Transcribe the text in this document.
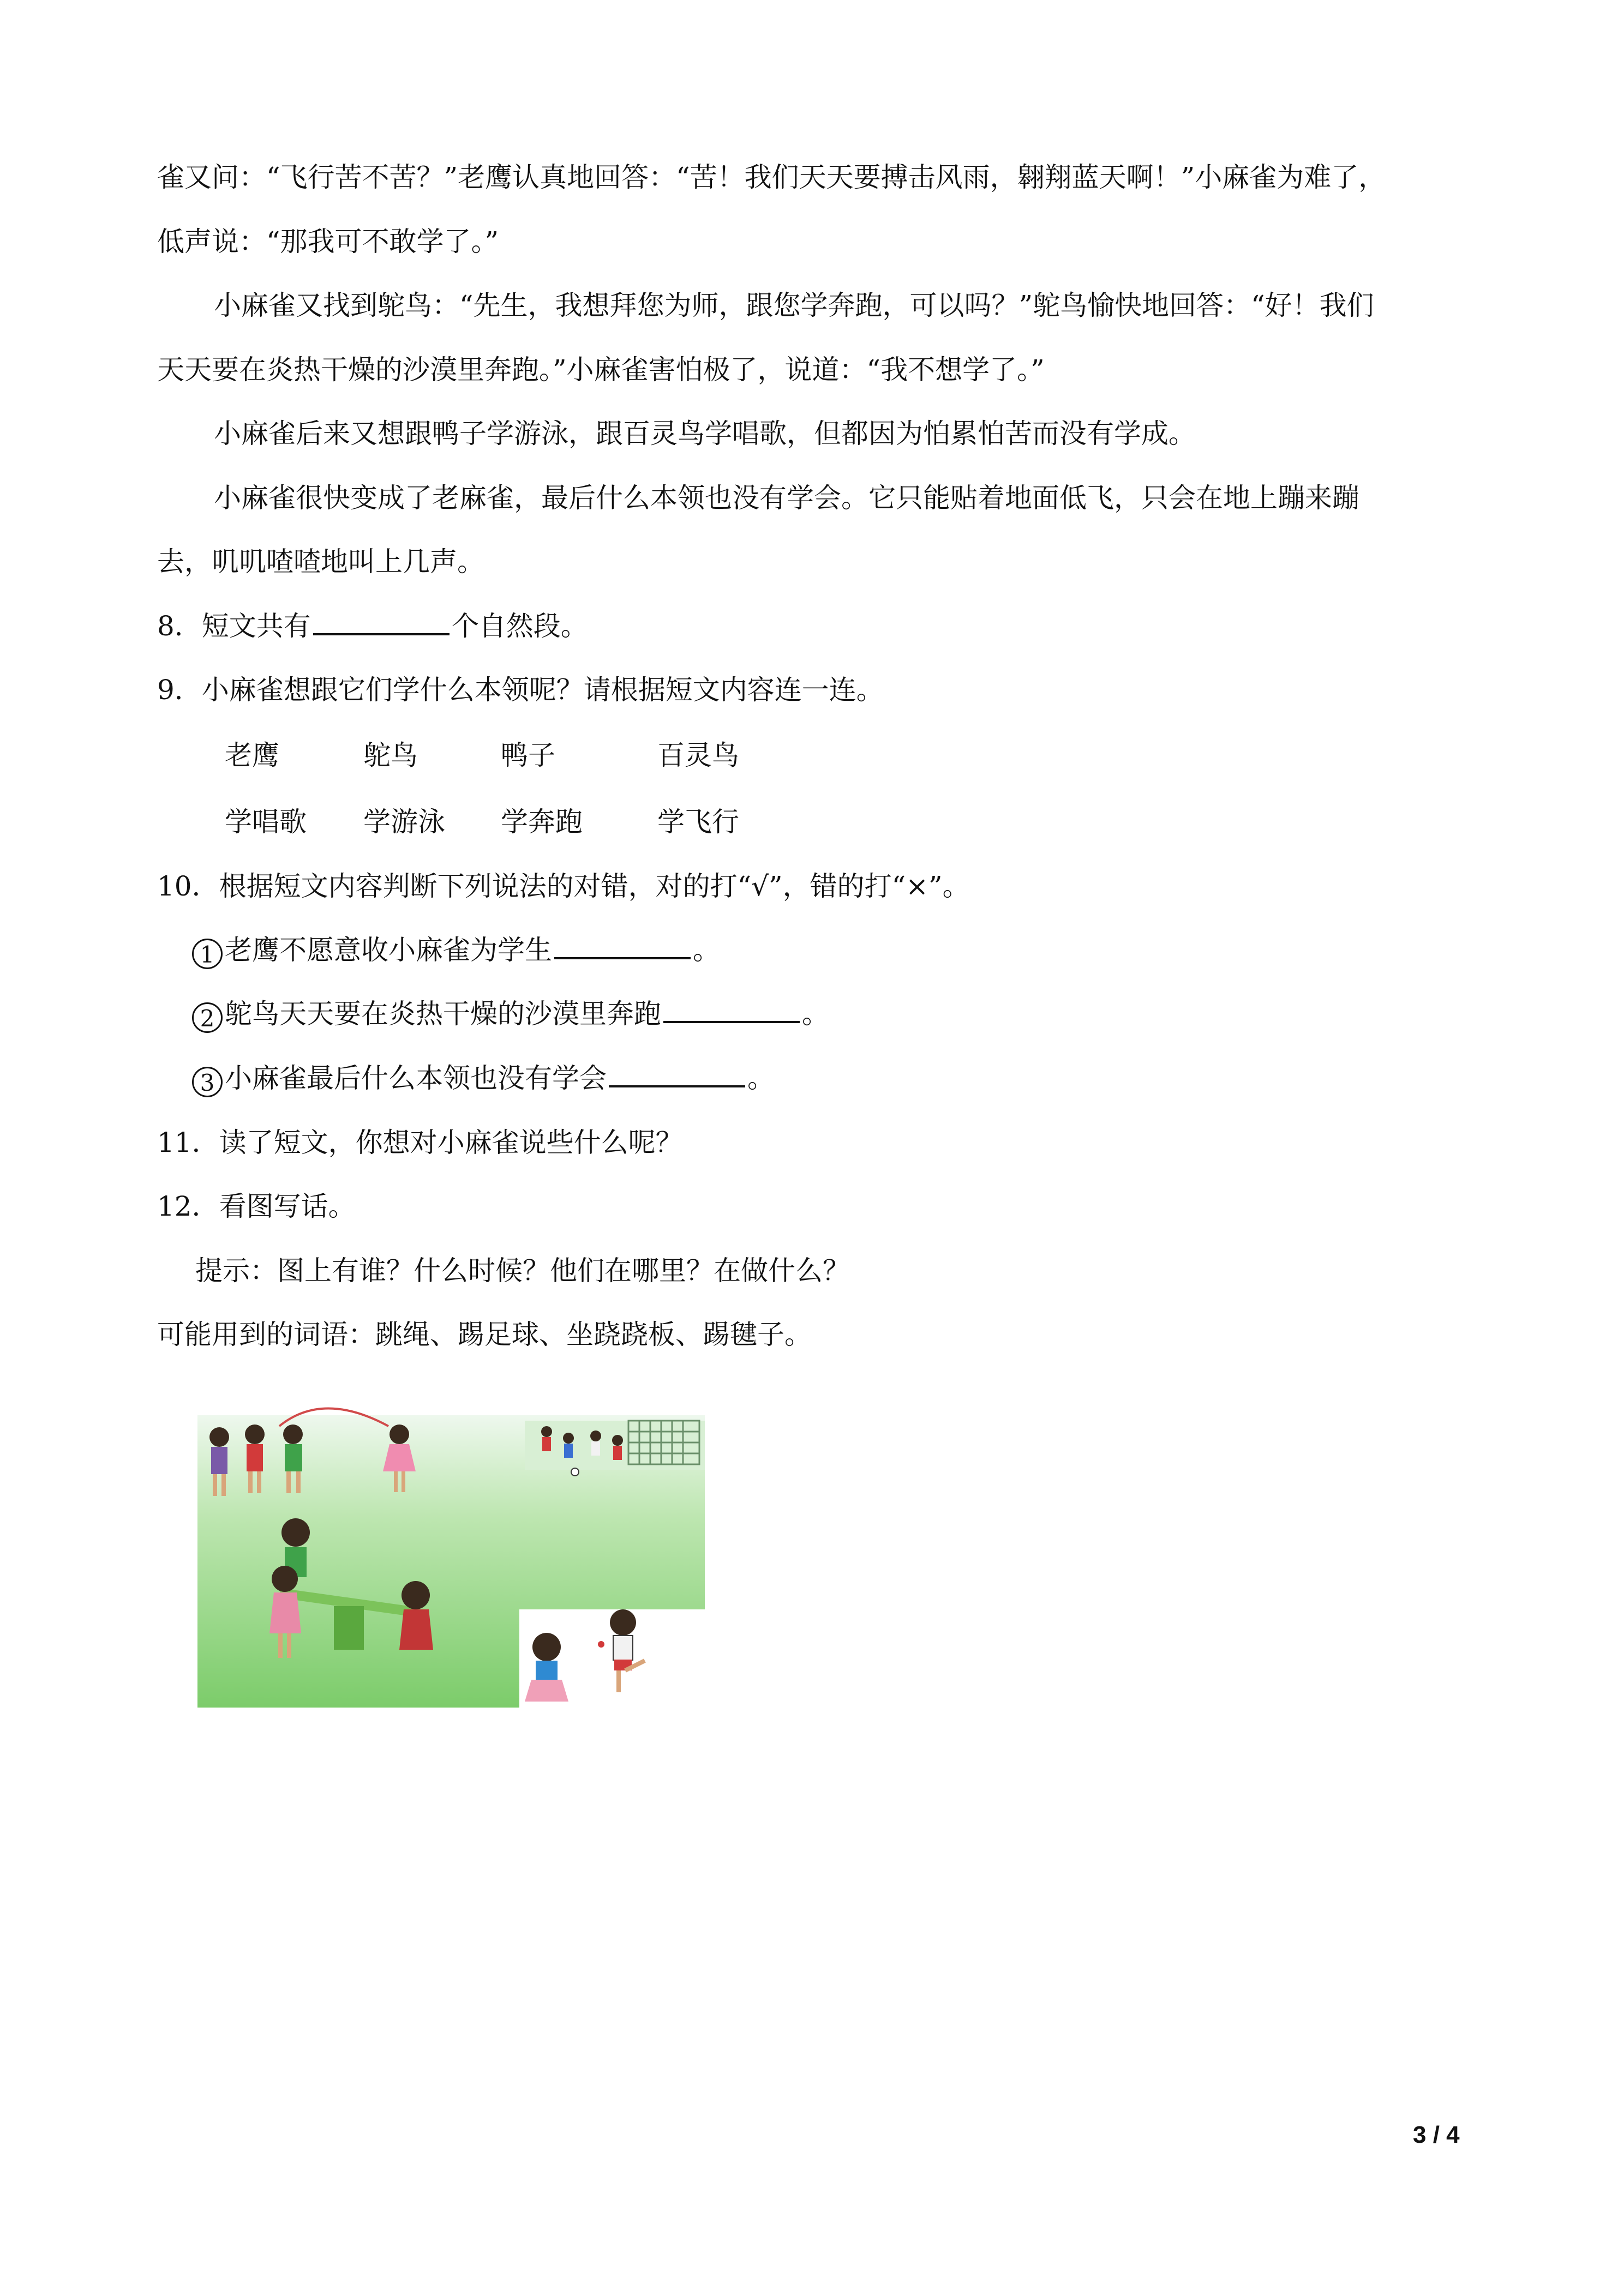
雀又问：“飞行苦不苦？”老鹰认真地回答：“苦！我们天天要搏击风雨，翱翔蓝天啊！”小麻雀为难了，
低声说：“那我可不敢学了。”
小麻雀又找到鸵鸟：“先生，我想拜您为师，跟您学奔跑，可以吗？”鸵鸟愉快地回答：“好！我们
天天要在炎热干燥的沙漠里奔跑。”小麻雀害怕极了，说道：“我不想学了。”
小麻雀后来又想跟鸭子学游泳，跟百灵鸟学唱歌，但都因为怕累怕苦而没有学成。
小麻雀很快变成了老麻雀，最后什么本领也没有学会。它只能贴着地面低飞，只会在地上蹦来蹦
去，叽叽喳喳地叫上几声。
8．短文共有	个自然段。
9．小麻雀想跟它们学什么本领呢？请根据短文内容连一连。
老鹰	鸵鸟	鸭子	百灵鸟
学唱歌 学游泳 学奔跑	学飞行
10．根据短文内容判断下列说法的对错，对的打“√”，错的打“×”。
1 老鹰不愿意收小麻雀为学生	。
2 鸵鸟天天要在炎热干燥的沙漠里奔跑	。
3 小麻雀最后什么本领也没有学会	。
11．读了短文，你想对小麻雀说些什么呢？
12．看图写话。
提示：图上有谁？什么时候？他们在哪里？在做什么？
可能用到的词语：跳绳、踢足球、坐跷跷板、踢毽子。
3 / 4
